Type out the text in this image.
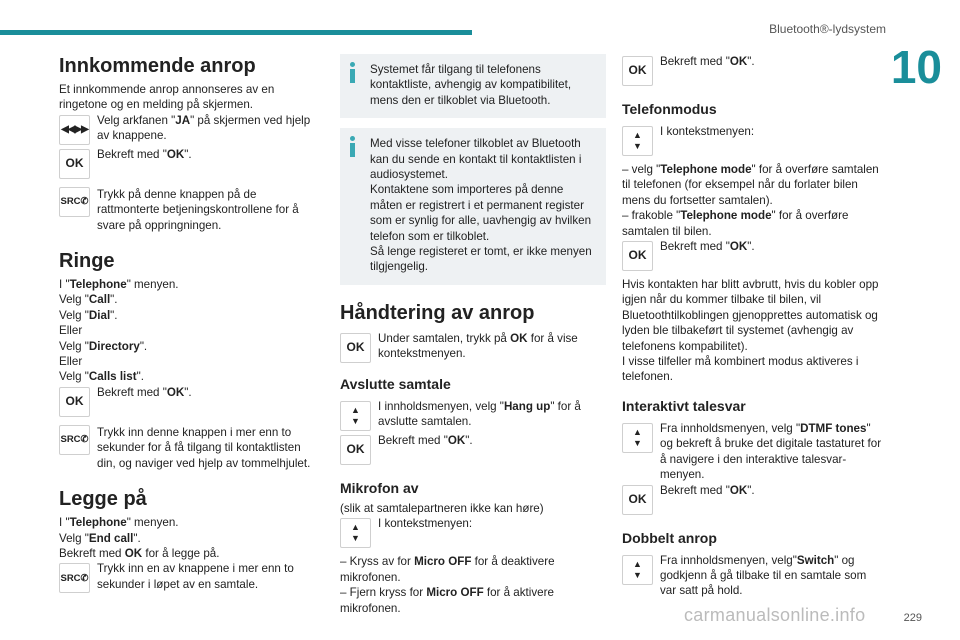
Bluetooth®-lydsystem
10
Innkommende anrop

Et innkommende anrop annonseres av en ringetone og en melding på skjermen.

◀◀▶▶
Velg arkfanen "JA" på skjermen ved hjelp av knappene.
OK
Bekreft med "OK".
SRC ✆
Trykk på denne knappen på de rattmonterte betjeningskontrollene for å svare på oppringningen.
Ringe

I "Telephone" menyen.

Velg "Call".

Velg "Dial".

Eller

Velg "Directory".

Eller

Velg "Calls list".

OK
Bekreft med "OK".
SRC ✆
Trykk inn denne knappen i mer enn to sekunder for å få tilgang til kontaktlisten din, og naviger ved hjelp av tommelhjulet.
Legge på

I "Telephone" menyen.

Velg "End call".

Bekreft med OK for å legge på.

SRC ✆
Trykk inn en av knappene i mer enn to sekunder i løpet av en samtale.
Systemet får tilgang til telefonens kontaktliste, avhengig av kompatibilitet, mens den er tilkoblet via Bluetooth.

Med visse telefoner tilkoblet av Bluetooth kan du sende en kontakt til kontaktlisten i audiosystemet.

Kontaktene som importeres på denne måten er registrert i et permanent register som er synlig for alle, uavhengig av hvilken telefon som er tilkoblet.

Så lenge registeret er tomt, er ikke menyen tilgjengelig.

Håndtering av anrop
OK
Under samtalen, trykk på OK for å vise kontekstmenyen.
Avslutte samtale
▲
▼
I innholdsmenyen, velg "Hang up" for å avslutte samtalen.
OK
Bekreft med "OK".
Mikrofon av

(slik at samtalepartneren ikke kan høre)

▲
▼
I kontekstmenyen:

– Kryss av for Micro OFF for å deaktivere mikrofonen.

– Fjern kryss for Micro OFF for å aktivere mikrofonen.

OK
Bekreft med "OK".
Telefonmodus
▲
▼
I kontekstmenyen:

– velg "Telephone mode" for å overføre samtalen til telefonen (for eksempel når du forlater bilen mens du fortsetter samtalen).

– frakoble "Telephone mode" for å overføre samtalen til bilen.

OK
Bekreft med "OK".

Hvis kontakten har blitt avbrutt, hvis du kobler opp igjen når du kommer tilbake til bilen, vil Bluetoothtilkoblingen gjenopprettes automatisk og lyden ble tilbakeført til systemet (avhengig av telefonens kompabilitet).

I visse tilfeller må kombinert modus aktiveres i telefonen.

Interaktivt talesvar
▲
▼
Fra innholdsmenyen, velg "DTMF tones" og bekreft å bruke det digitale tastaturet for å navigere i den interaktive talesvar-menyen.
OK
Bekreft med "OK".
Dobbelt anrop
▲
▼
Fra innholdsmenyen, velg"Switch" og godkjenn å gå tilbake til en samtale som var satt på hold.
carmanualsonline.info	229
